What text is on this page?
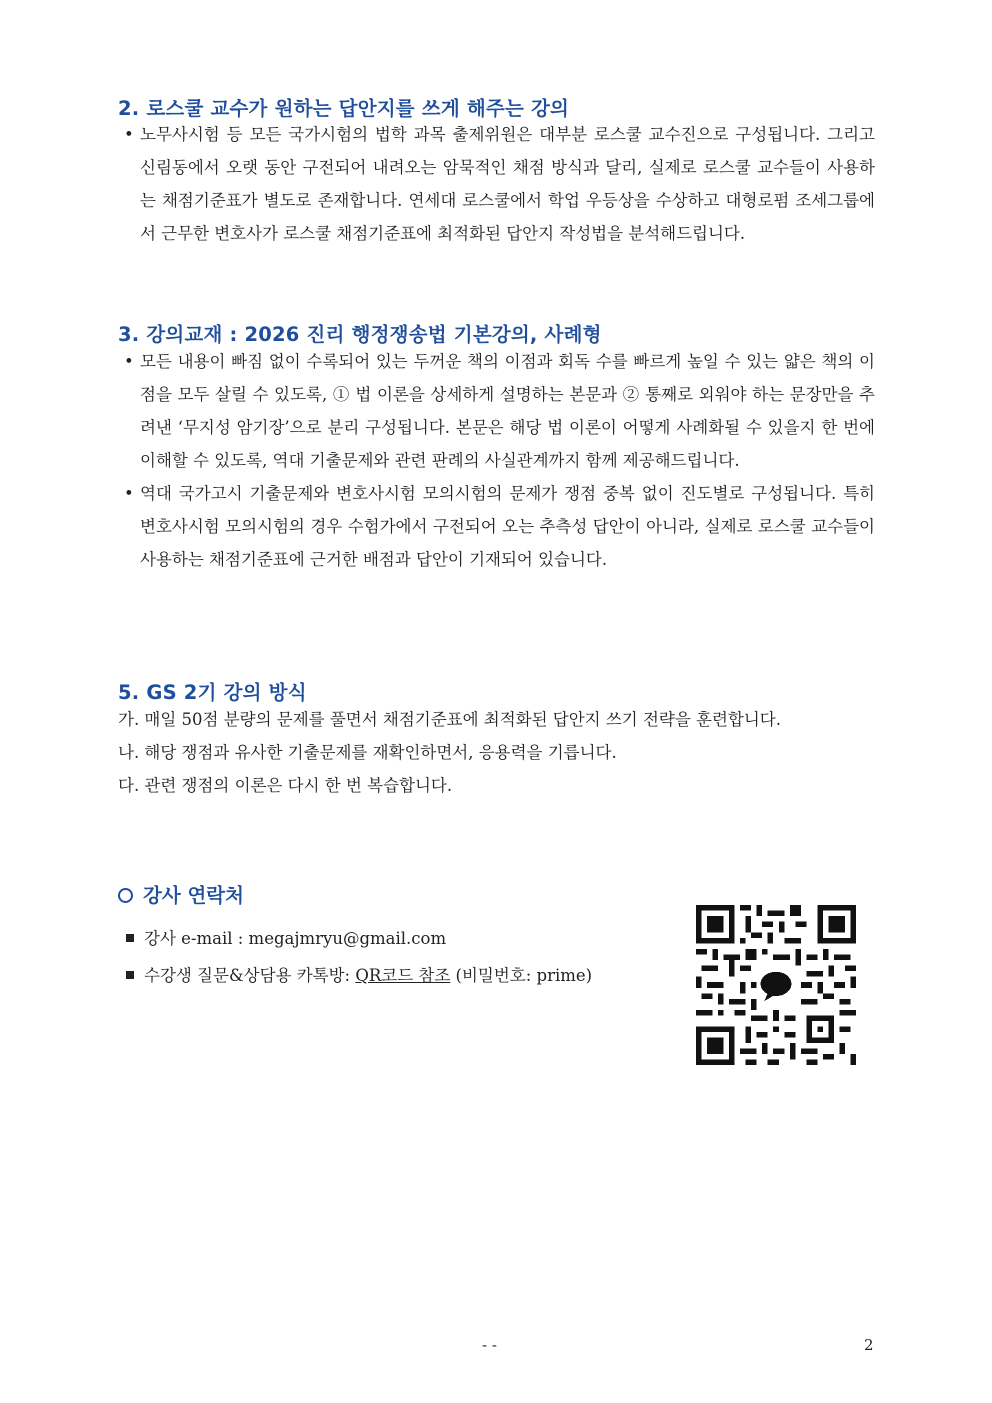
2. 로스쿨 교수가 원하는 답안지를 쓰게 해주는 강의
• 노무사시험 등 모든 국가시험의 법학 과목 출제위원은 대부분 로스쿨 교수진으로 구성됩니다. 그리고 신림동에서 오랫 동안 구전되어 내려오는 암묵적인 채점 방식과 달리, 실제로 로스쿨 교수들이 사용하는 채점기준표가 별도로 존재합니다. 연세대 로스쿨에서 학업 우등상을 수상하고 대형로펌 조세그룹에서 근무한 변호사가 로스쿨 채점기준표에 최적화된 답안지 작성법을 분석해드립니다.
3. 강의교재 : 2026 진리 행정쟁송법 기본강의, 사례형
• 모든 내용이 빠짐 없이 수록되어 있는 두꺼운 책의 이점과 회독 수를 빠르게 높일 수 있는 얇은 책의 이점을 모두 살릴 수 있도록, ① 법 이론을 상세하게 설명하는 본문과 ② 통째로 외워야 하는 문장만을 추려낸 ‘무지성 암기장’으로 분리 구성됩니다. 본문은 해당 법 이론이 어떻게 사례화될 수 있을지 한 번에 이해할 수 있도록, 역대 기출문제와 관련 판례의 사실관계까지 함께 제공해드립니다.
• 역대 국가고시 기출문제와 변호사시험 모의시험의 문제가 쟁점 중복 없이 진도별로 구성됩니다. 특히 변호사시험 모의시험의 경우 수험가에서 구전되어 오는 추측성 답안이 아니라, 실제로 로스쿨 교수들이 사용하는 채점기준표에 근거한 배점과 답안이 기재되어 있습니다.
5. GS 2기 강의 방식
가. 매일 50점 분량의 문제를 풀면서 채점기준표에 최적화된 답안지 쓰기 전략을 훈련합니다.
나. 해당 쟁점과 유사한 기출문제를 재확인하면서, 응용력을 기릅니다.
다. 관련 쟁점의 이론은 다시 한 번 복습합니다.
강사 연락처
강사 e-mail : megajmryu@gmail.com
수강생 질문&상담용 카톡방: QR코드 참조 (비밀번호: prime)
- -	2
